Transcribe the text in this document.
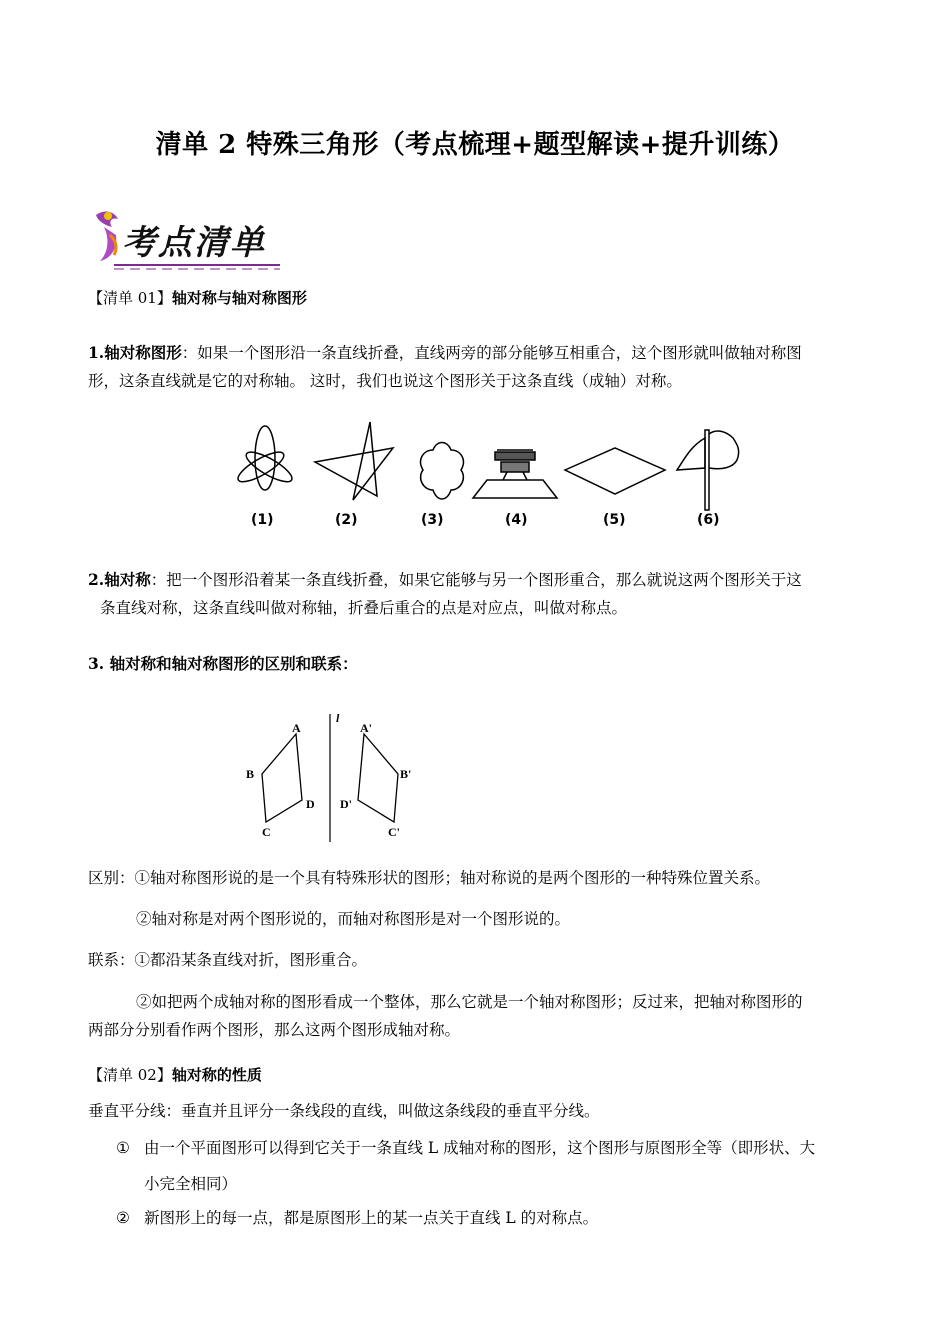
清单 2 特殊三角形（考点梳理+题型解读+提升训练）
考点清单
【清单 01】轴对称与轴对称图形
1.轴对称图形：如果一个图形沿一条直线折叠，直线两旁的部分能够互相重合，这个图形就叫做轴对称图
形，这条直线就是它的对称轴。 这时，我们也说这个图形关于这条直线（成轴）对称。
(1)	(2)	(3)	(4)	(5)	(6)
2.轴对称：把一个图形沿着某一条直线折叠，如果它能够与另一个图形重合，那么就说这两个图形关于这
条直线对称，这条直线叫做对称轴，折叠后重合的点是对应点，叫做对称点。
3. 轴对称和轴对称图形的区别和联系：
l
A
B
C
D
A'
B'
C'
D'
区别：①轴对称图形说的是一个具有特殊形状的图形；轴对称说的是两个图形的一种特殊位置关系。
②轴对称是对两个图形说的，而轴对称图形是对一个图形说的。
联系：①都沿某条直线对折，图形重合。
②如把两个成轴对称的图形看成一个整体，那么它就是一个轴对称图形；反过来，把轴对称图形的
两部分分别看作两个图形，那么这两个图形成轴对称。
【清单 02】轴对称的性质
垂直平分线：垂直并且评分一条线段的直线，叫做这条线段的垂直平分线。
① 由一个平面图形可以得到它关于一条直线 L 成轴对称的图形，这个图形与原图形全等（即形状、大
小完全相同）
② 新图形上的每一点，都是原图形上的某一点关于直线 L 的对称点。
